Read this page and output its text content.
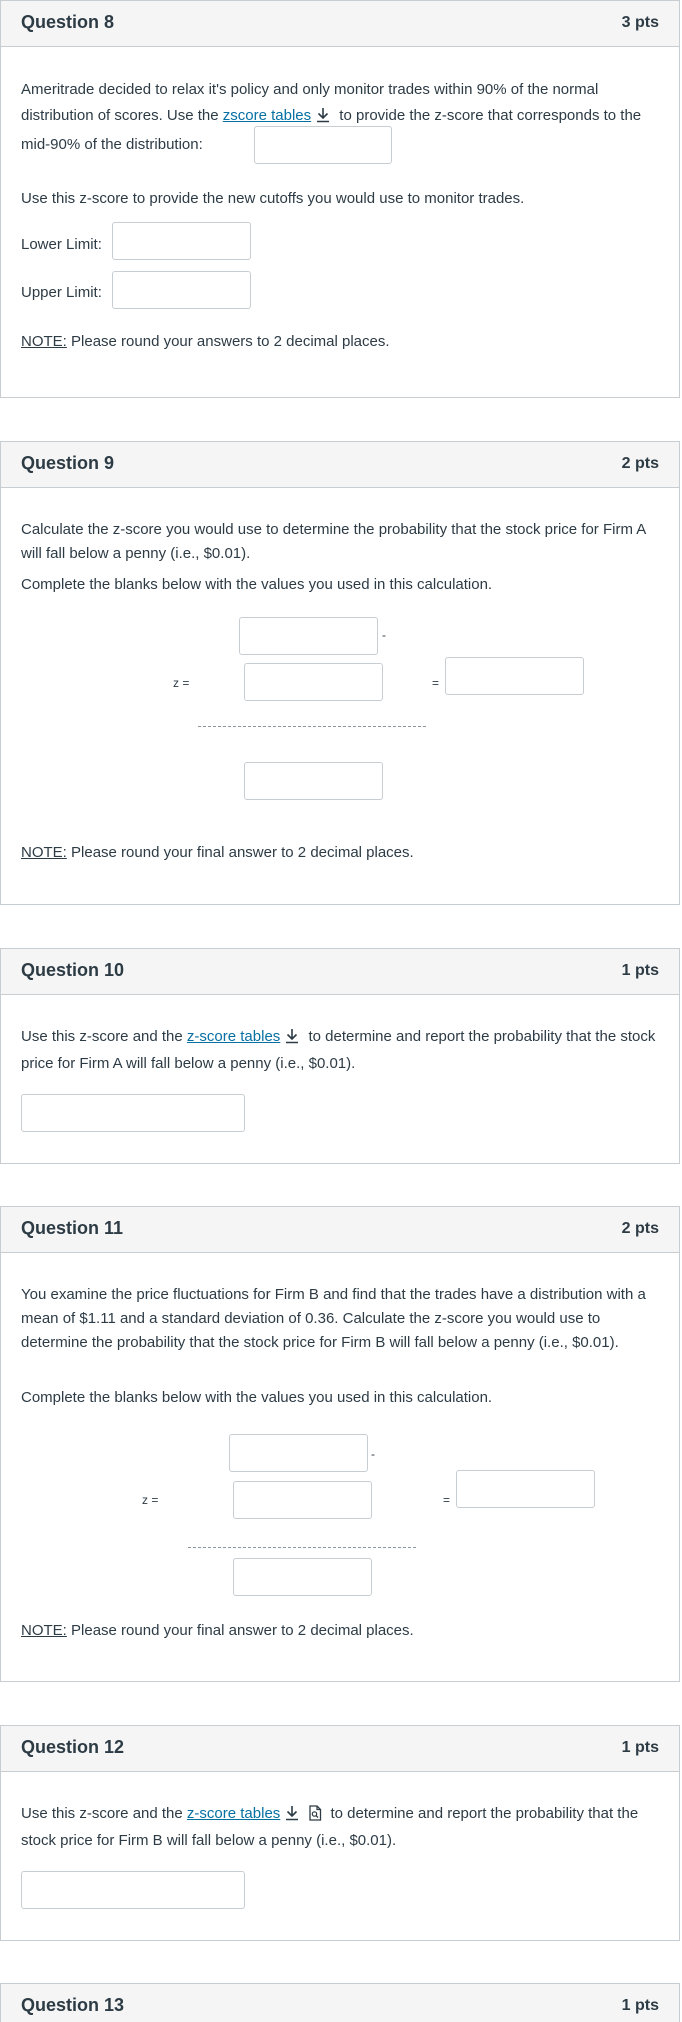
Question 8	3 pts
Ameritrade decided to relax it's policy and only monitor trades within 90% of the normal distribution of scores. Use the zscore tables to provide the z-score that corresponds to the mid-90% of the distribution:
Use this z-score to provide the new cutoffs you would use to monitor trades.
Lower Limit:
Upper Limit:
NOTE: Please round your answers to 2 decimal places.
Question 9	2 pts
Calculate the z-score you would use to determine the probability that the stock price for Firm A will fall below a penny (i.e., $0.01).
Complete the blanks below with the values you used in this calculation.
-
z =	=
NOTE: Please round your final answer to 2 decimal places.
Question 10	1 pts
Use this z-score and the z-score tables to determine and report the probability that the stock price for Firm A will fall below a penny (i.e., $0.01).
Question 11	2 pts
You examine the price fluctuations for Firm B and find that the trades have a distribution with a mean of $1.11 and a standard deviation of 0.36. Calculate the z-score you would use to determine the probability that the stock price for Firm B will fall below a penny (i.e., $0.01).
Complete the blanks below with the values you used in this calculation.
-
z =	=
NOTE: Please round your final answer to 2 decimal places.
Question 12	1 pts
Use this z-score and the z-score tables	to determine and report the probability that the stock price for Firm B will fall below a penny (i.e., $0.01).
Question 13	1 pts
